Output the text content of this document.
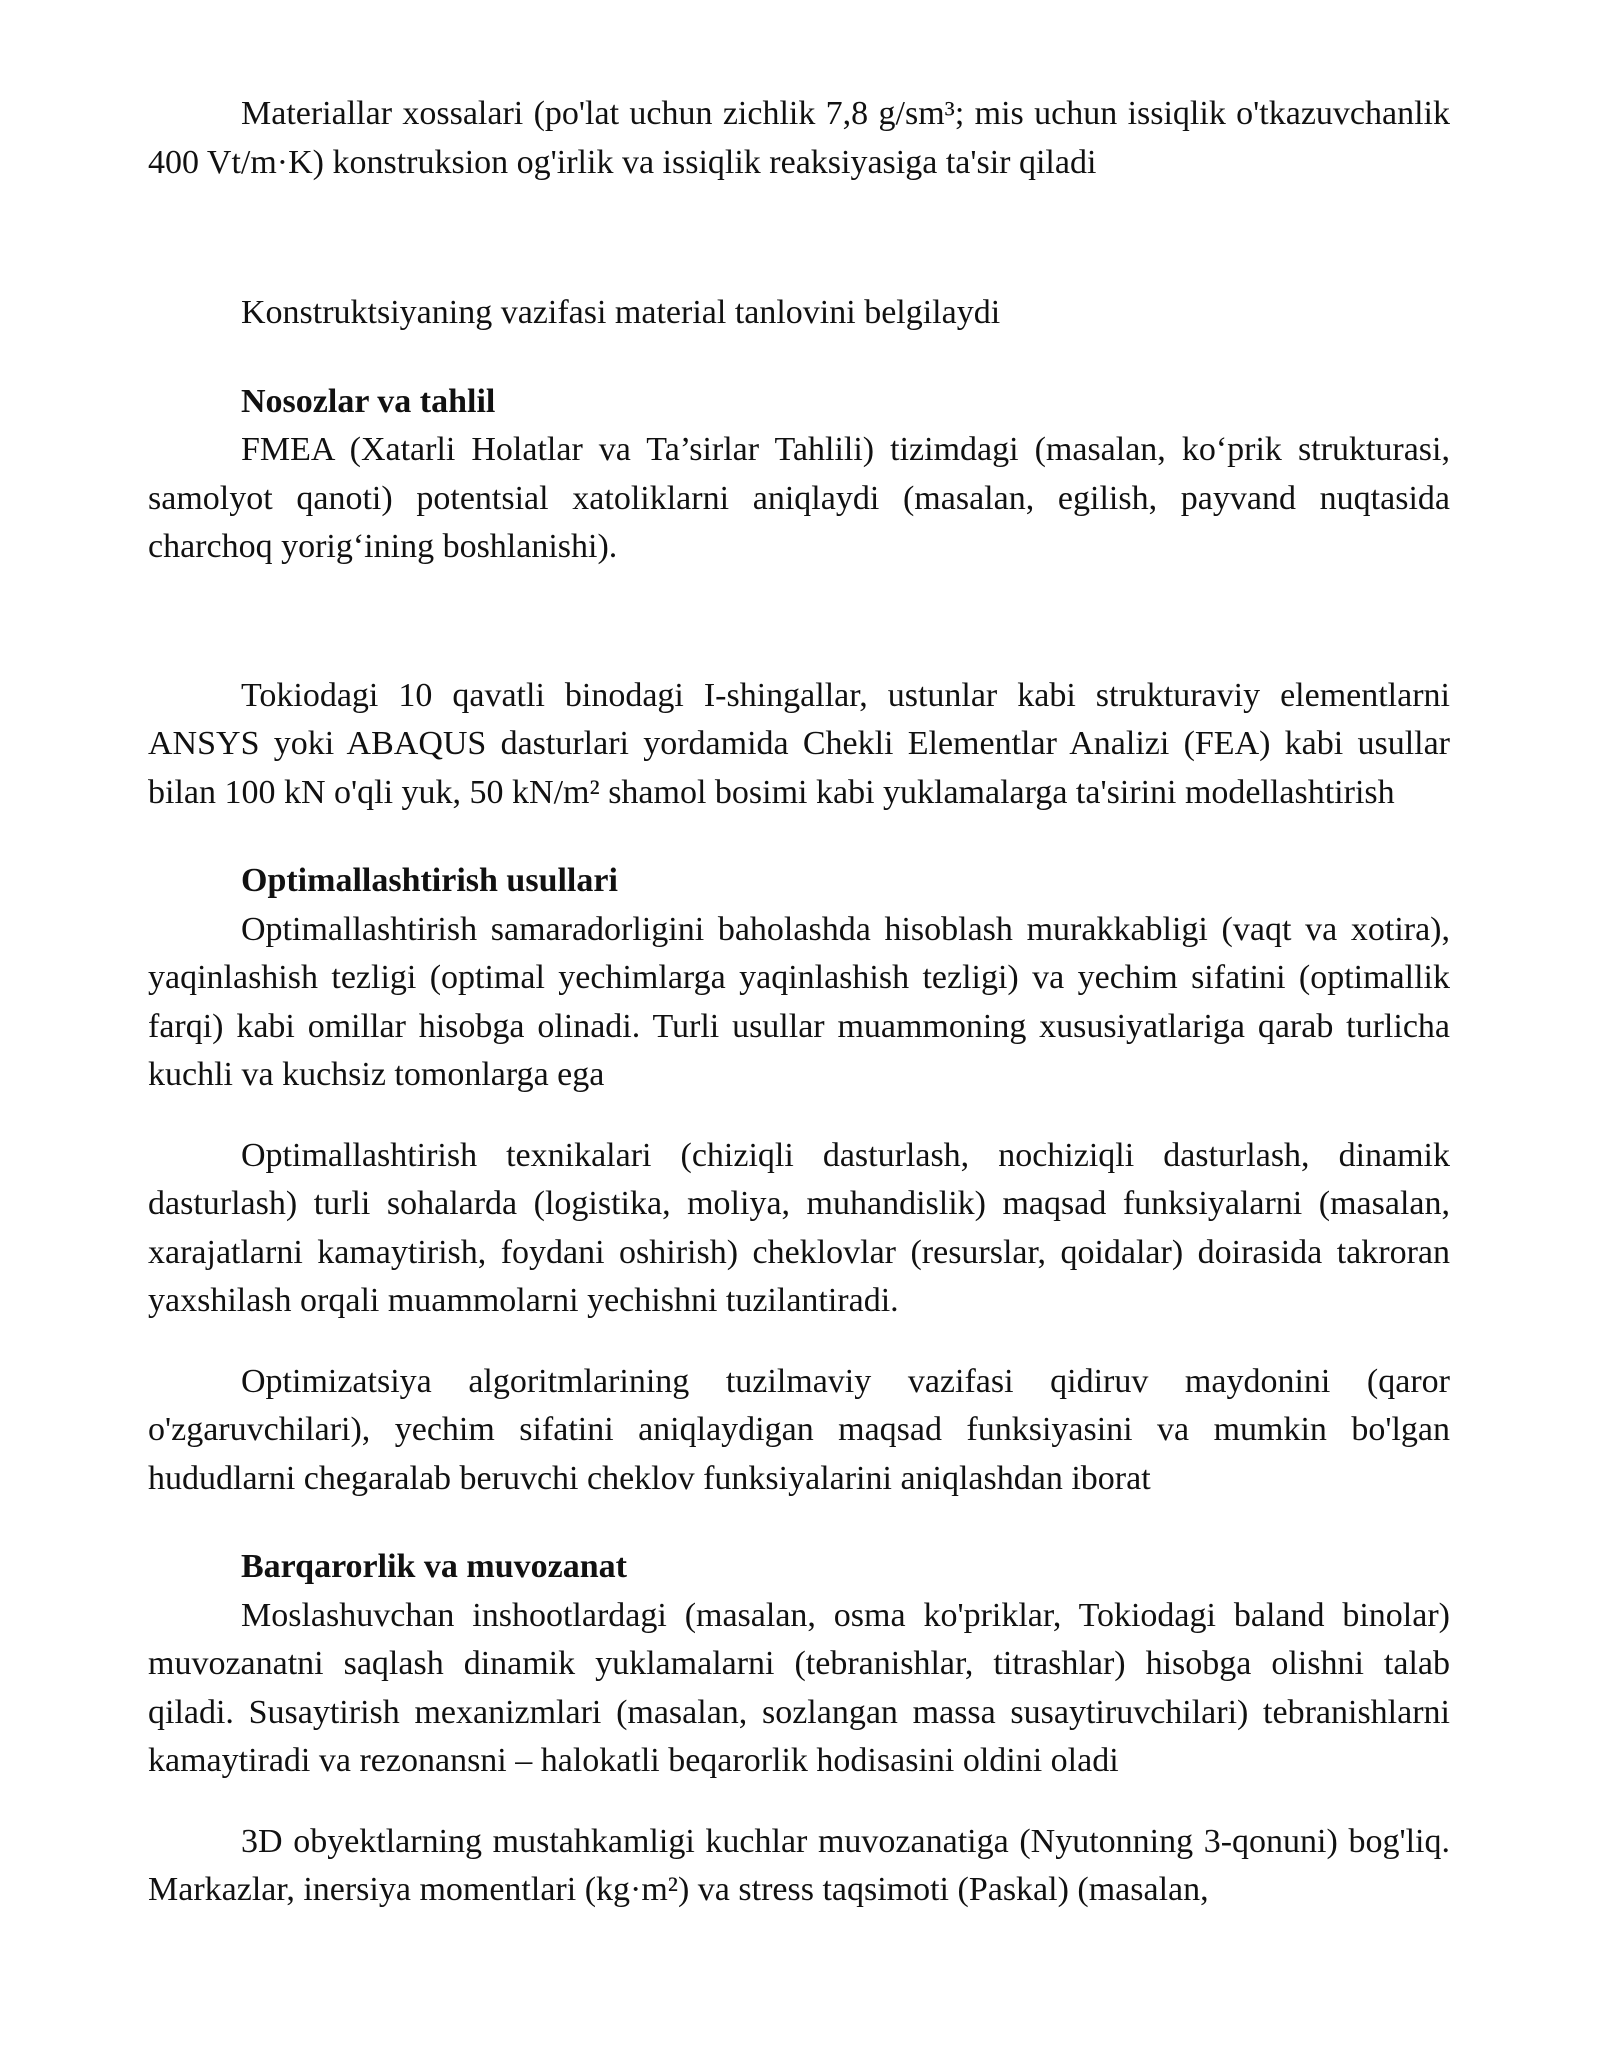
Materiallar xossalari (po'lat uchun zichlik 7,8 g/sm³; mis uchun issiqlik o'tkazuvchanlik 400 Vt/m·K) konstruksion og'irlik va issiqlik reaksiyasiga ta'sir qiladi

Konstruktsiyaning vazifasi material tanlovini belgilaydi

Nosozlar va tahlil

FMEA (Xatarli Holatlar va Ta’sirlar Tahlili) tizimdagi (masalan, ko‘prik strukturasi, samolyot qanoti) potentsial xatoliklarni aniqlaydi (masalan, egilish, payvand nuqtasida charchoq yorig‘ining boshlanishi).

Tokiodagi 10 qavatli binodagi I-shingallar, ustunlar kabi strukturaviy elementlarni ANSYS yoki ABAQUS dasturlari yordamida Chekli Elementlar Analizi (FEA) kabi usullar bilan 100 kN o'qli yuk, 50 kN/m² shamol bosimi kabi yuklamalarga ta'sirini modellashtirish

Optimallashtirish usullari

Optimallashtirish samaradorligini baholashda hisoblash murakkabligi (vaqt va xotira), yaqinlashish tezligi (optimal yechimlarga yaqinlashish tezligi) va yechim sifatini (optimallik farqi) kabi omillar hisobga olinadi. Turli usullar muammoning xususiyatlariga qarab turlicha kuchli va kuchsiz tomonlarga ega

Optimallashtirish texnikalari (chiziqli dasturlash, nochiziqli dasturlash, dinamik dasturlash) turli sohalarda (logistika, moliya, muhandislik) maqsad funksiyalarni (masalan, xarajatlarni kamaytirish, foydani oshirish) cheklovlar (resurslar, qoidalar) doirasida takroran yaxshilash orqali muammolarni yechishni tuzilantiradi.

Optimizatsiya algoritmlarining tuzilmaviy vazifasi qidiruv maydonini (qaror o'zgaruvchilari), yechim sifatini aniqlaydigan maqsad funksiyasini va mumkin bo'lgan hududlarni chegaralab beruvchi cheklov funksiyalarini aniqlashdan iborat

Barqarorlik va muvozanat

Moslashuvchan inshootlardagi (masalan, osma ko'priklar, Tokiodagi baland binolar) muvozanatni saqlash dinamik yuklamalarni (tebranishlar, titrashlar) hisobga olishni talab qiladi. Susaytirish mexanizmlari (masalan, sozlangan massa susaytiruvchilari) tebranishlarni kamaytiradi va rezonansni – halokatli beqarorlik hodisasini oldini oladi

3D obyektlarning mustahkamligi kuchlar muvozanatiga (Nyutonning 3-qonuni) bog'liq. Markazlar, inersiya momentlari (kg·m²) va stress taqsimoti (Paskal) (masalan,
